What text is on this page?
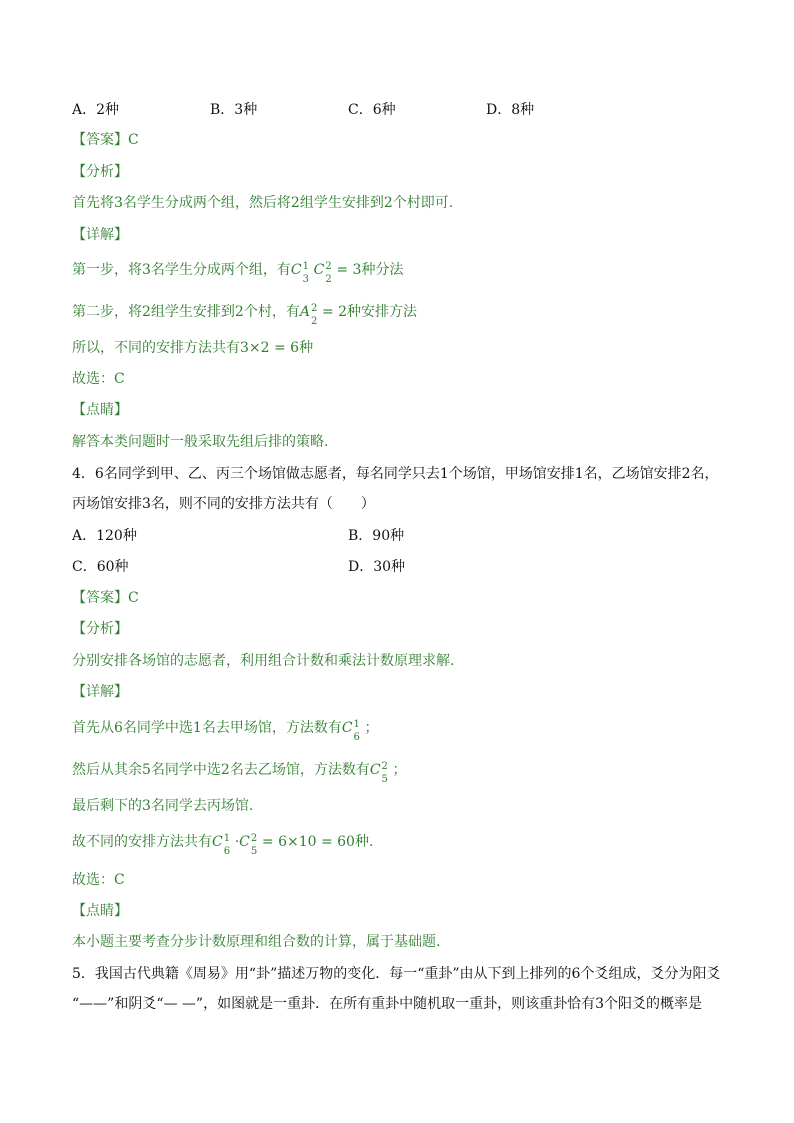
A．2种	B．3种	C．6种	D．8种
【答案】C
【分析】
首先将3名学生分成两个组，然后将2组学生安排到2个村即可.
【详解】
第一步，将3名学生分成两个组，有C 1
3
C 2
2
= 3种分法
第二步，将2组学生安排到2个村，有A 2
2
= 2种安排方法
所以，不同的安排方法共有3×2 = 6种
故选：C
【点睛】
解答本类问题时一般采取先组后排的策略.
4．6名同学到甲、乙、丙三个场馆做志愿者，每名同学只去1个场馆，甲场馆安排1名，乙场馆安排2名，
丙场馆安排3名，则不同的安排方法共有（　　）
A．120种	B．90种
C．60种	D．30种
【答案】C
【分析】
分别安排各场馆的志愿者，利用组合计数和乘法计数原理求解.
【详解】
首先从6名同学中选1名去甲场馆，方法数有C 1
6
；
然后从其余5名同学中选2名去乙场馆，方法数有C 2
5
；
最后剩下的3名同学去丙场馆.
故不同的安排方法共有C 1
6
·C 2
5
= 6×10 = 60种.
故选：C
【点睛】
本小题主要考查分步计数原理和组合数的计算，属于基础题.
5．我国古代典籍《周易》用“卦”描述万物的变化．每一“重卦”由从下到上排列的6个爻组成，爻分为阳爻
“——”和阴爻“— —”，如图就是一重卦．在所有重卦中随机取一重卦，则该重卦恰有3个阳爻的概率是
